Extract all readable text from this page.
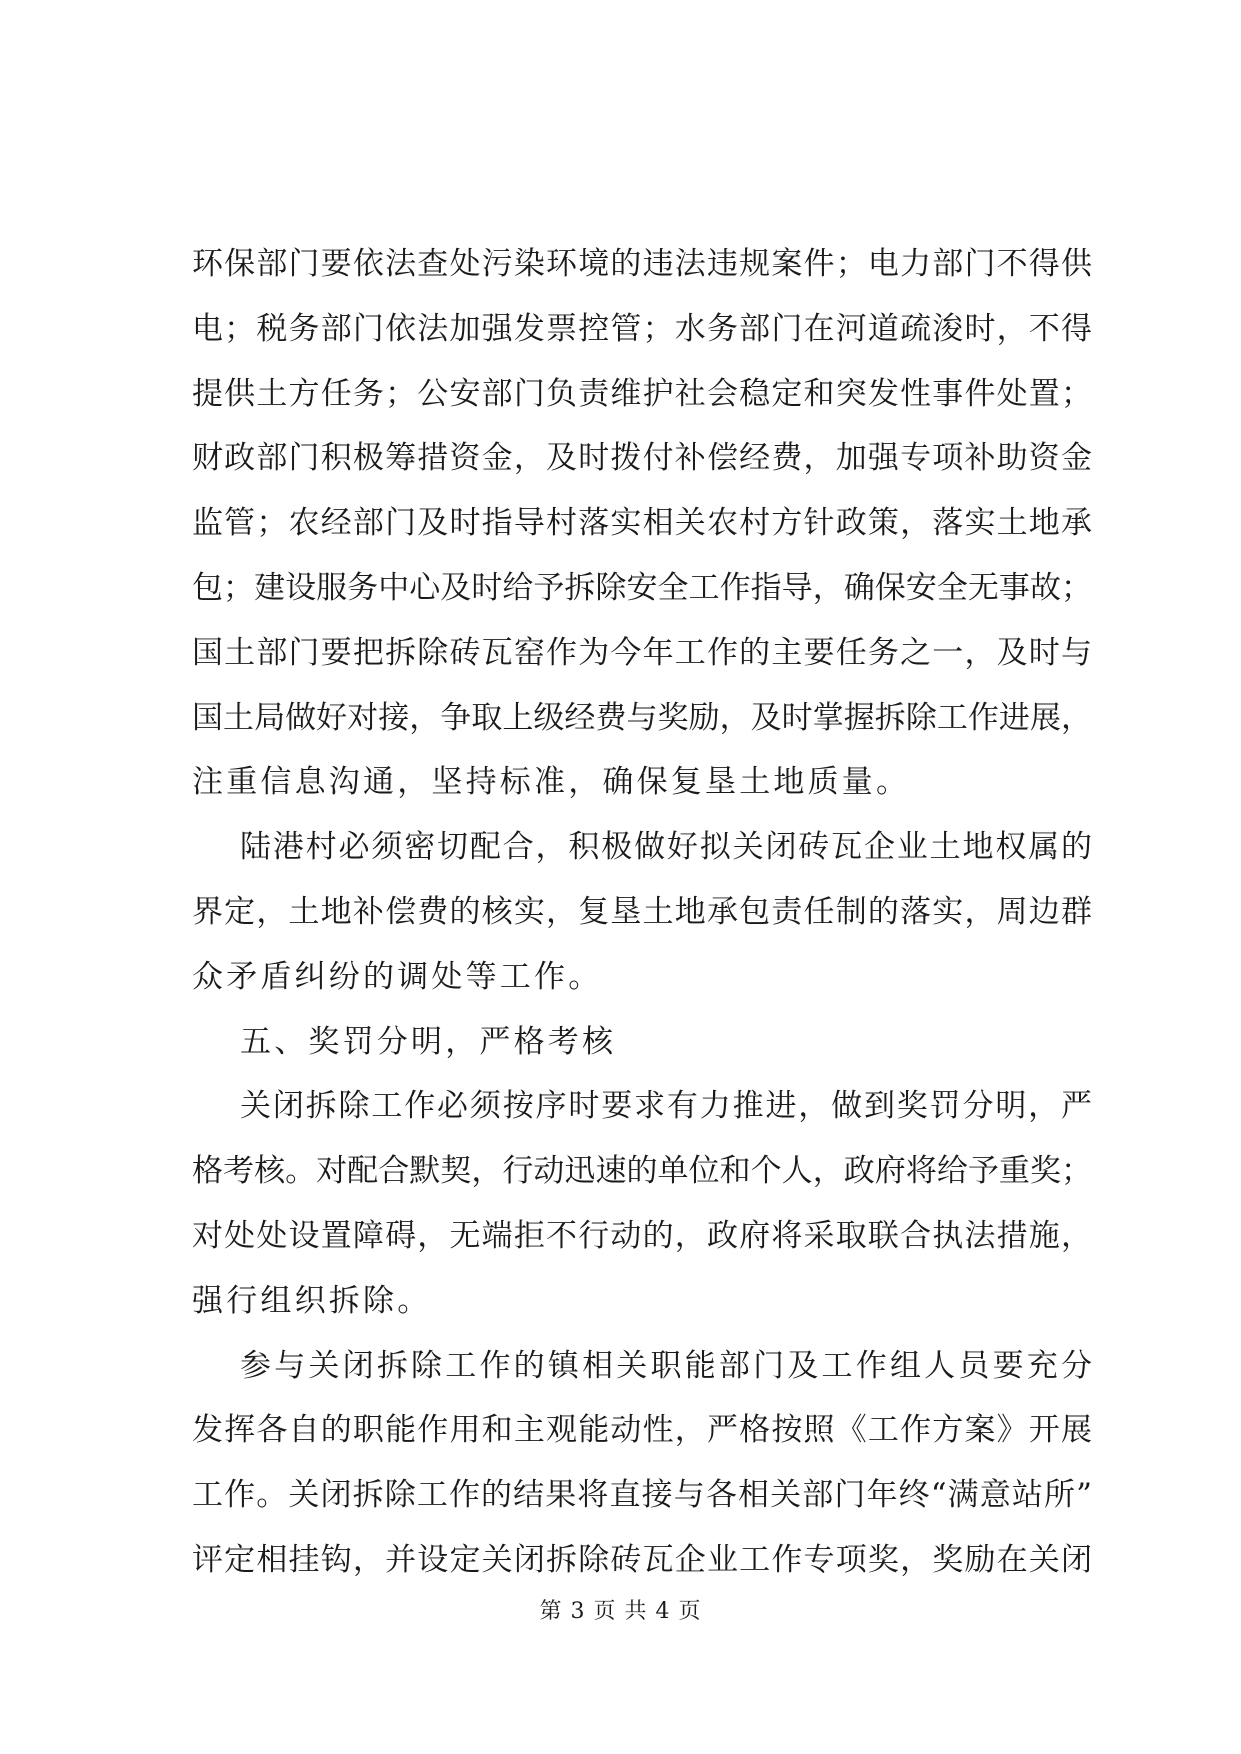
环保部门要依法查处污染环境的违法违规案件；电力部门不得供
电；税务部门依法加强发票控管；水务部门在河道疏浚时，不得
提供土方任务；公安部门负责维护社会稳定和突发性事件处置；
财政部门积极筹措资金，及时拨付补偿经费，加强专项补助资金
监管；农经部门及时指导村落实相关农村方针政策，落实土地承
包；建设服务中心及时给予拆除安全工作指导，确保安全无事故；
国土部门要把拆除砖瓦窑作为今年工作的主要任务之一，及时与
国土局做好对接，争取上级经费与奖励，及时掌握拆除工作进展，
注重信息沟通，坚持标准，确保复垦土地质量。
陆港村必须密切配合，积极做好拟关闭砖瓦企业土地权属的
界定，土地补偿费的核实，复垦土地承包责任制的落实，周边群
众矛盾纠纷的调处等工作。
五、奖罚分明，严格考核
关闭拆除工作必须按序时要求有力推进，做到奖罚分明，严
格考核。对配合默契，行动迅速的单位和个人，政府将给予重奖；
对处处设置障碍，无端拒不行动的，政府将采取联合执法措施，
强行组织拆除。
参与关闭拆除工作的镇相关职能部门及工作组人员要充分
发挥各自的职能作用和主观能动性，严格按照《工作方案》开展
工作。关闭拆除工作的结果将直接与各相关部门年终“满意站所”
评定相挂钩，并设定关闭拆除砖瓦企业工作专项奖，奖励在关闭
第 3 页 共 4 页
